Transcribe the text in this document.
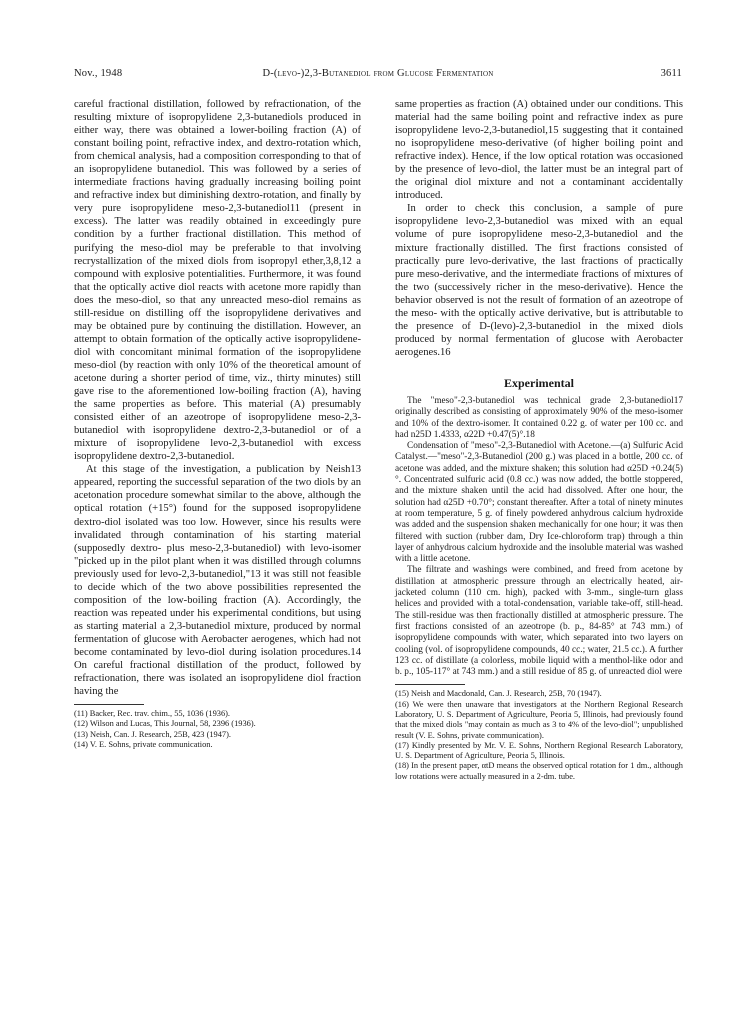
Nov., 1948	D-(levo-)2,3-Butanediol from Glucose Fermentation	3611

careful fractional distillation, followed by refractionation, of the resulting mixture of isopropylidene 2,3-butanediols produced in either way, there was obtained a lower-boiling fraction (A) of constant boiling point, refractive index, and dextro-rotation which, from chemical analysis, had a composition corresponding to that of an isopropylidene butanediol. This was followed by a series of intermediate fractions having gradually increasing boiling point and refractive index but diminishing dextro-rotation, and finally by very pure isopropylidene meso-2,3-butanediol11 (present in excess). The latter was readily obtained in exceedingly pure condition by a further fractional distillation. This method of purifying the meso-diol may be preferable to that involving recrystallization of the mixed diols from isopropyl ether,3,8,12 a compound with explosive potentialities. Furthermore, it was found that the optically active diol reacts with acetone more rapidly than does the meso-diol, so that any unreacted meso-diol remains as still-residue on distilling off the isopropylidene derivatives and may be obtained pure by continuing the distillation. However, an attempt to obtain formation of the optically active isopropylidene-diol with concomitant minimal formation of the isopropylidene meso-diol (by reaction with only 10% of the theoretical amount of acetone during a shorter period of time, viz., thirty minutes) still gave rise to the aforementioned low-boiling fraction (A), having the same properties as before. This material (A) presumably consisted either of an azeotrope of isopropylidene meso-2,3-butanediol with isopropylidene dextro-2,3-butanediol or of a mixture of isopropylidene levo-2,3-butanediol with excess isopropylidene dextro-2,3-butanediol.

At this stage of the investigation, a publication by Neish13 appeared, reporting the successful separation of the two diols by an acetonation procedure somewhat similar to the above, although the optical rotation (+15°) found for the supposed isopropylidene dextro-diol isolated was too low. However, since his results were invalidated through contamination of his starting material (supposedly dextro- plus meso-2,3-butanediol) with levo-isomer "picked up in the pilot plant when it was distilled through columns previously used for levo-2,3-butanediol,"13 it was still not feasible to decide which of the two above possibilities represented the composition of the low-boiling fraction (A). Accordingly, the reaction was repeated under his experimental conditions, but using as starting material a 2,3-butanediol mixture, produced by normal fermentation of glucose with Aerobacter aerogenes, which had not become contaminated by levo-diol during isolation procedures.14 On careful fractional distillation of the product, followed by refractionation, there was isolated an isopropylidene diol fraction having the

(11) Backer, Rec. trav. chim., 55, 1036 (1936).

(12) Wilson and Lucas, This Journal, 58, 2396 (1936).

(13) Neish, Can. J. Research, 25B, 423 (1947).

(14) V. E. Sohns, private communication.

same properties as fraction (A) obtained under our conditions. This material had the same boiling point and refractive index as pure isopropylidene levo-2,3-butanediol,15 suggesting that it contained no isopropylidene meso-derivative (of higher boiling point and refractive index). Hence, if the low optical rotation was occasioned by the presence of levo-diol, the latter must be an integral part of the original diol mixture and not a contaminant accidentally introduced.

In order to check this conclusion, a sample of pure isopropylidene levo-2,3-butanediol was mixed with an equal volume of pure isopropylidene meso-2,3-butanediol and the mixture fractionally distilled. The first fractions consisted of practically pure levo-derivative, the last fractions of practically pure meso-derivative, and the intermediate fractions of mixtures of the two (successively richer in the meso-derivative). Hence the behavior observed is not the result of formation of an azeotrope of the meso- with the optically active derivative, but is attributable to the presence of D-(levo)-2,3-butanediol in the mixed diols produced by normal fermentation of glucose with Aerobacter aerogenes.16

Experimental

The "meso"-2,3-butanediol was technical grade 2,3-butanediol17 originally described as consisting of approximately 90% of the meso-isomer and 10% of the dextro-isomer. It contained 0.22 g. of water per 100 cc. and had n25D 1.4333, α22D +0.47(5)°.18

Condensation of "meso"-2,3-Butanediol with Acetone.—(a) Sulfuric Acid Catalyst.—"meso"-2,3-Butanediol (200 g.) was placed in a bottle, 200 cc. of acetone was added, and the mixture shaken; this solution had α25D +0.24(5)°. Concentrated sulfuric acid (0.8 cc.) was now added, the bottle stoppered, and the mixture shaken until the acid had dissolved. After one hour, the solution had α25D +0.70°; constant thereafter. After a total of ninety minutes at room temperature, 5 g. of finely powdered anhydrous calcium hydroxide was added and the suspension shaken mechanically for one hour; it was then filtered with suction (rubber dam, Dry Ice-chloroform trap) through a thin layer of anhydrous calcium hydroxide and the insoluble material was washed with a little acetone.

The filtrate and washings were combined, and freed from acetone by distillation at atmospheric pressure through an electrically heated, air-jacketed column (110 cm. high), packed with 3-mm., single-turn glass helices and provided with a total-condensation, variable take-off, still-head. The still-residue was then fractionally distilled at atmospheric pressure. The first fractions consisted of an azeotrope (b. p., 84-85° at 743 mm.) of isopropylidene compounds with water, which separated into two layers on cooling (vol. of isopropylidene compounds, 40 cc.; water, 21.5 cc.). A further 123 cc. of distillate (a colorless, mobile liquid with a menthol-like odor and b. p., 105-117° at 743 mm.) and a still residue of 85 g. of unreacted diol were

(15) Neish and Macdonald, Can. J. Research, 25B, 70 (1947).

(16) We were then unaware that investigators at the Northern Regional Research Laboratory, U. S. Department of Agriculture, Peoria 5, Illinois, had previously found that the mixed diols "may contain as much as 3 to 4% of the levo-diol"; unpublished result (V. E. Sohns, private communication).

(17) Kindly presented by Mr. V. E. Sohns, Northern Regional Research Laboratory, U. S. Department of Agriculture, Peoria 5, Illinois.

(18) In the present paper, αtD means the observed optical rotation for 1 dm., although low rotations were actually measured in a 2-dm. tube.
